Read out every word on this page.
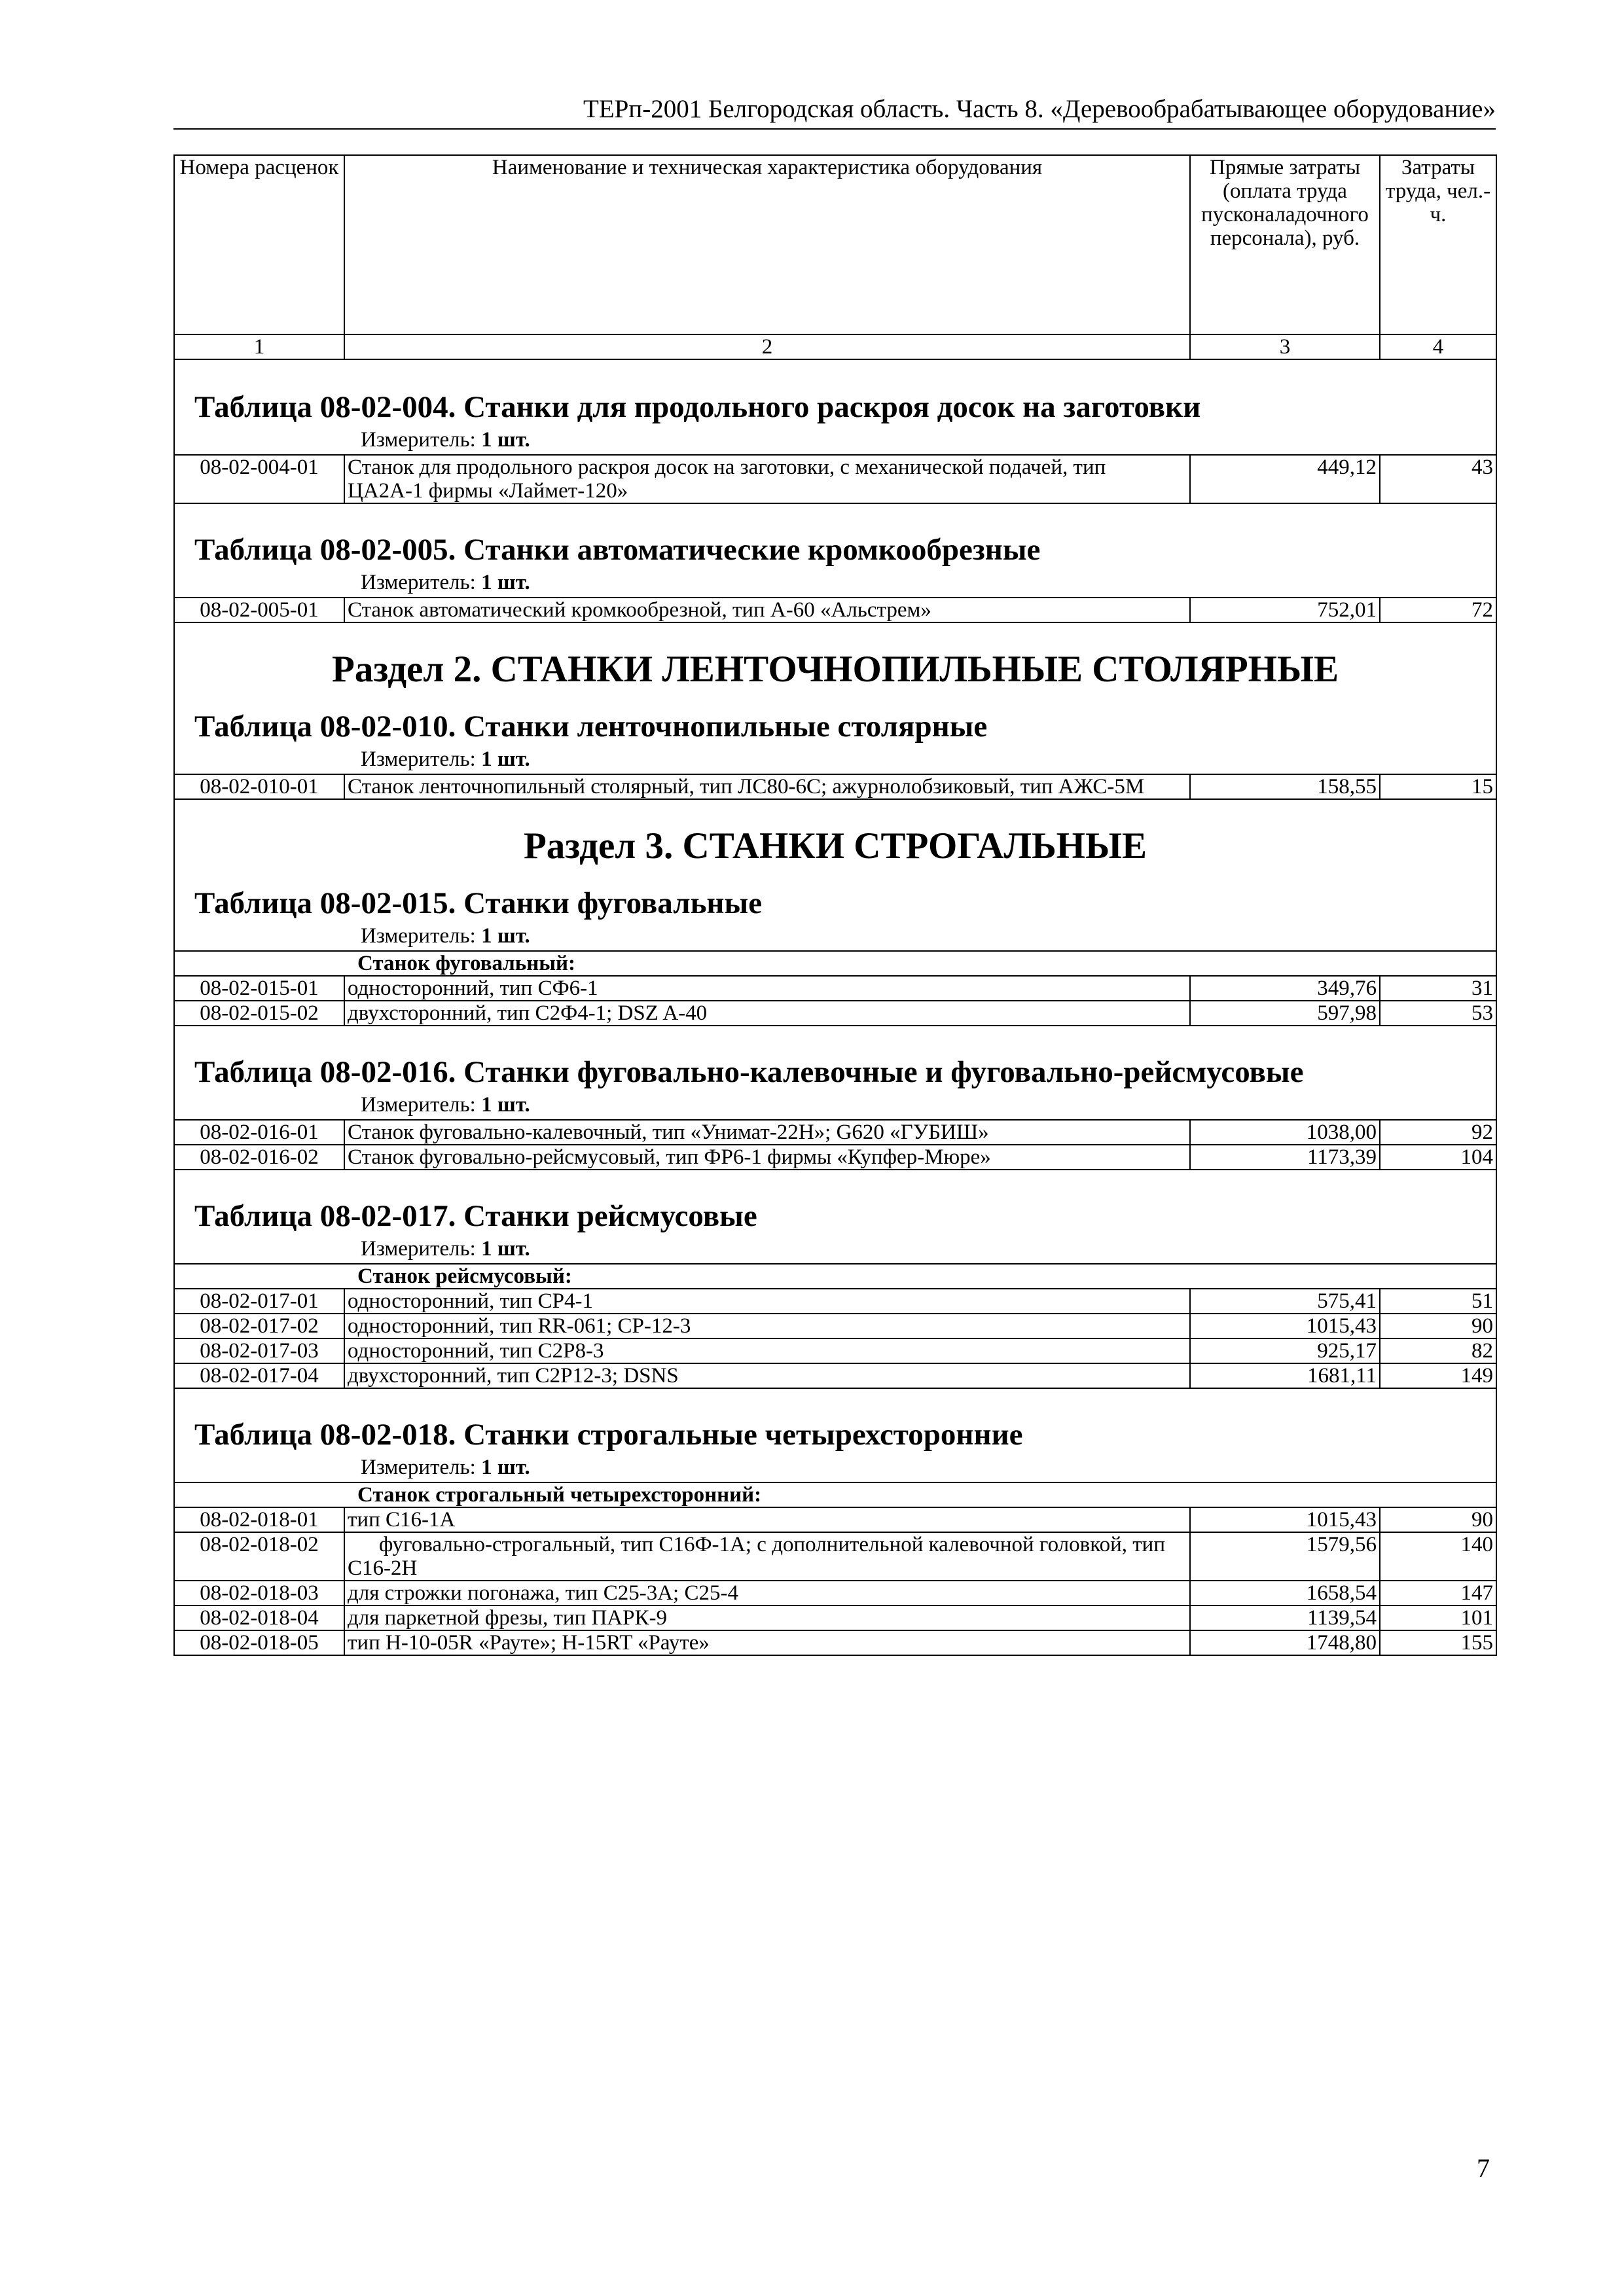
ТЕРп-2001 Белгородская область. Часть 8. «Деревообрабатывающее оборудование»
Номера расценок	Наименование и техническая характеристика оборудования	Прямые затраты (оплата труда пусконаладочного персонала), руб.	Затраты труда, чел.-ч.
1	2	3	4

Таблица 08-02-004. Станки для продольного раскроя досок на заготовки
Измеритель: 1 шт.			

08-02-004-01	Станок для продольного раскроя досок на заготовки, с механической подачей, тип ЦА2А-1 фирмы «Лаймет-120»	449,12	43

Таблица 08-02-005. Станки автоматические кромкообрезные
Измеритель: 1 шт.			

08-02-005-01	Станок автоматический кромкообрезной, тип А-60 «Альстрем»	752,01	72

Раздел 2. СТАНКИ ЛЕНТОЧНОПИЛЬНЫЕ СТОЛЯРНЫЕ
Таблица 08-02-010. Станки ленточнопильные столярные
Измеритель: 1 шт.			

08-02-010-01	Станок ленточнопильный столярный, тип ЛС80-6С; ажурнолобзиковый, тип АЖС-5М	158,55	15

Раздел 3. СТАНКИ СТРОГАЛЬНЫЕ
Таблица 08-02-015. Станки фуговальные
Измеритель: 1 шт.			

	Станок фуговальный:		
08-02-015-01	односторонний, тип СФ6-1	349,76	31
08-02-015-02	двухсторонний, тип С2Ф4-1; DSZ A-40	597,98	53

Таблица 08-02-016. Станки фуговально-калевочные и фуговально-рейсмусовые
Измеритель: 1 шт.			

08-02-016-01	Станок фуговально-калевочный, тип «Унимат-22Н»; G620 «ГУБИШ»	1038,00	92
08-02-016-02	Станок фуговально-рейсмусовый, тип ФР6-1 фирмы «Купфер-Мюре»	1173,39	104

Таблица 08-02-017. Станки рейсмусовые
Измеритель: 1 шт.			

	Станок рейсмусовый:		
08-02-017-01	односторонний, тип СР4-1	575,41	51
08-02-017-02	односторонний, тип RR-061; CP-12-3	1015,43	90
08-02-017-03	односторонний, тип С2Р8-3	925,17	82
08-02-017-04	двухсторонний, тип С2Р12-3; DSNS	1681,11	149

Таблица 08-02-018. Станки строгальные четырехсторонние
Измеритель: 1 шт.			

	Станок строгальный четырехсторонний:		
08-02-018-01	тип С16-1А	1015,43	90
08-02-018-02	фуговально-строгальный, тип С16Ф-1А; с дополнительной калевочной головкой, тип С16-2Н	1579,56	140
08-02-018-03	для строжки погонажа, тип С25-3А; С25-4	1658,54	147
08-02-018-04	для паркетной фрезы, тип ПАРК-9	1139,54	101
08-02-018-05	тип Н-10-05R «Рауте»; H-15RT «Рауте»	1748,80	155
7
